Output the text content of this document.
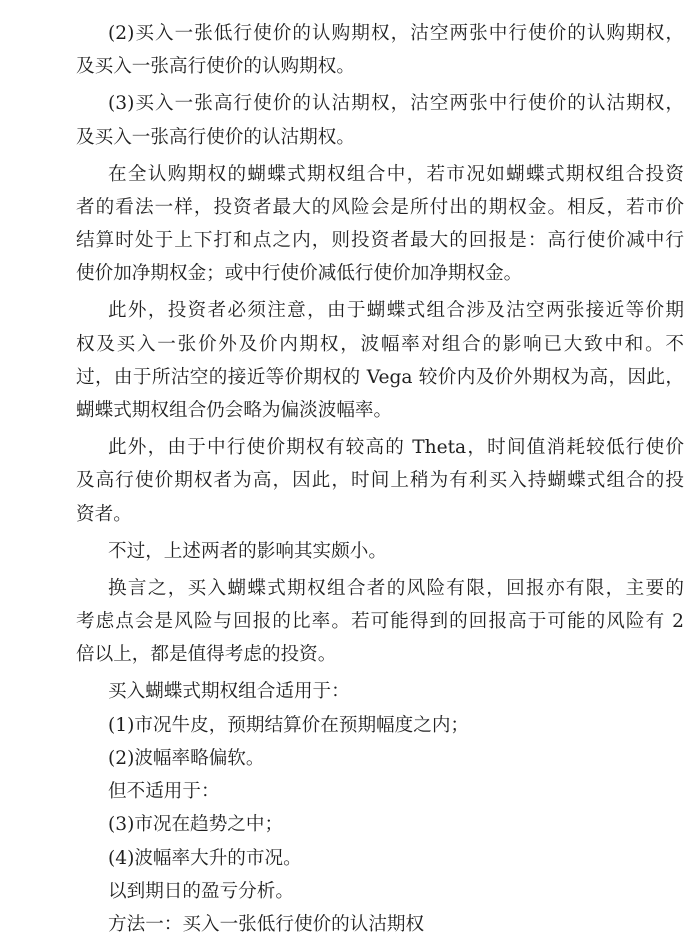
(2)买入一张低行使价的认购期权，沽空两张中行使价的认购期权，

及买入一张高行使价的认购期权。

(3)买入一张高行使价的认沽期权，沽空两张中行使价的认沽期权，

及买入一张高行使价的认沽期权。

在全认购期权的蝴蝶式期权组合中，若市况如蝴蝶式期权组合投资

者的看法一样，投资者最大的风险会是所付出的期权金。相反，若市价

结算时处于上下打和点之内，则投资者最大的回报是：高行使价减中行

使价加净期权金；或中行使价减低行使价加净期权金。

此外，投资者必须注意，由于蝴蝶式组合涉及沽空两张接近等价期

权及买入一张价外及价内期权，波幅率对组合的影响已大致中和。不

过，由于所沽空的接近等价期权的 Vega 较价内及价外期权为高，因此，

蝴蝶式期权组合仍会略为偏淡波幅率。

此外，由于中行使价期权有较高的 Theta，时间值消耗较低行使价

及高行使价期权者为高，因此，时间上稍为有利买入持蝴蝶式组合的投

资者。

不过，上述两者的影响其实颇小。

换言之，买入蝴蝶式期权组合者的风险有限，回报亦有限，主要的

考虑点会是风险与回报的比率。若可能得到的回报高于可能的风险有 2

倍以上，都是值得考虑的投资。

买入蝴蝶式期权组合适用于：

(1)市况牛皮，预期结算价在预期幅度之内；

(2)波幅率略偏软。

但不适用于：

(3)市况在趋势之中；

(4)波幅率大升的市况。

以到期日的盈亏分析。

方法一：买入一张低行使价的认沽期权
